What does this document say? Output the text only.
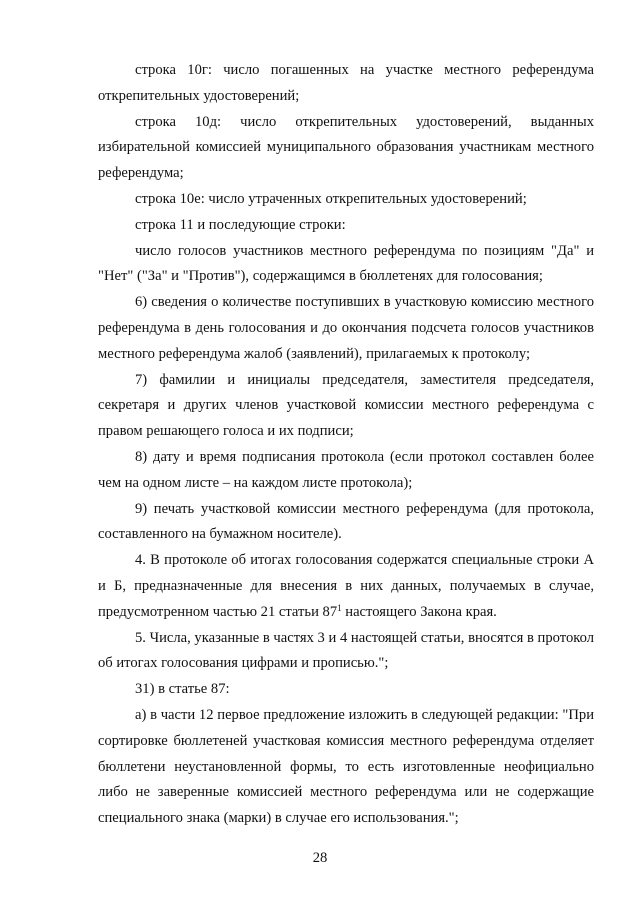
строка 10г: число погашенных на участке местного референдума открепительных удостоверений;

строка 10д: число открепительных удостоверений, выданных избирательной комиссией муниципального образования участникам местного референдума;

строка 10е: число утраченных открепительных удостоверений;

строка 11 и последующие строки:

число голосов участников местного референдума по позициям "Да" и "Нет" ("За" и "Против"), содержащимся в бюллетенях для голосования;

6) сведения о количестве поступивших в участковую комиссию местного референдума в день голосования и до окончания подсчета голосов участников местного референдума жалоб (заявлений), прилагаемых к протоколу;

7) фамилии и инициалы председателя, заместителя председателя, секретаря и других членов участковой комиссии местного референдума с правом решающего голоса и их подписи;

8) дату и время подписания протокола (если протокол составлен более чем на одном листе – на каждом листе протокола);

9) печать участковой комиссии местного референдума (для протокола, составленного на бумажном носителе).

4. В протоколе об итогах голосования содержатся специальные строки А и Б, предназначенные для внесения в них данных, получаемых в случае, предусмотренном частью 21 статьи $87^1$ настоящего Закона края.

5. Числа, указанные в частях 3 и 4 настоящей статьи, вносятся в протокол об итогах голосования цифрами и прописью.";

31) в статье 87:

а) в части 12 первое предложение изложить в следующей редакции: "При сортировке бюллетеней участковая комиссия местного референдума отделяет бюллетени неустановленной формы, то есть изготовленные неофициально либо не заверенные комиссией местного референдума или не содержащие специального знака (марки) в случае его использования.";

28
